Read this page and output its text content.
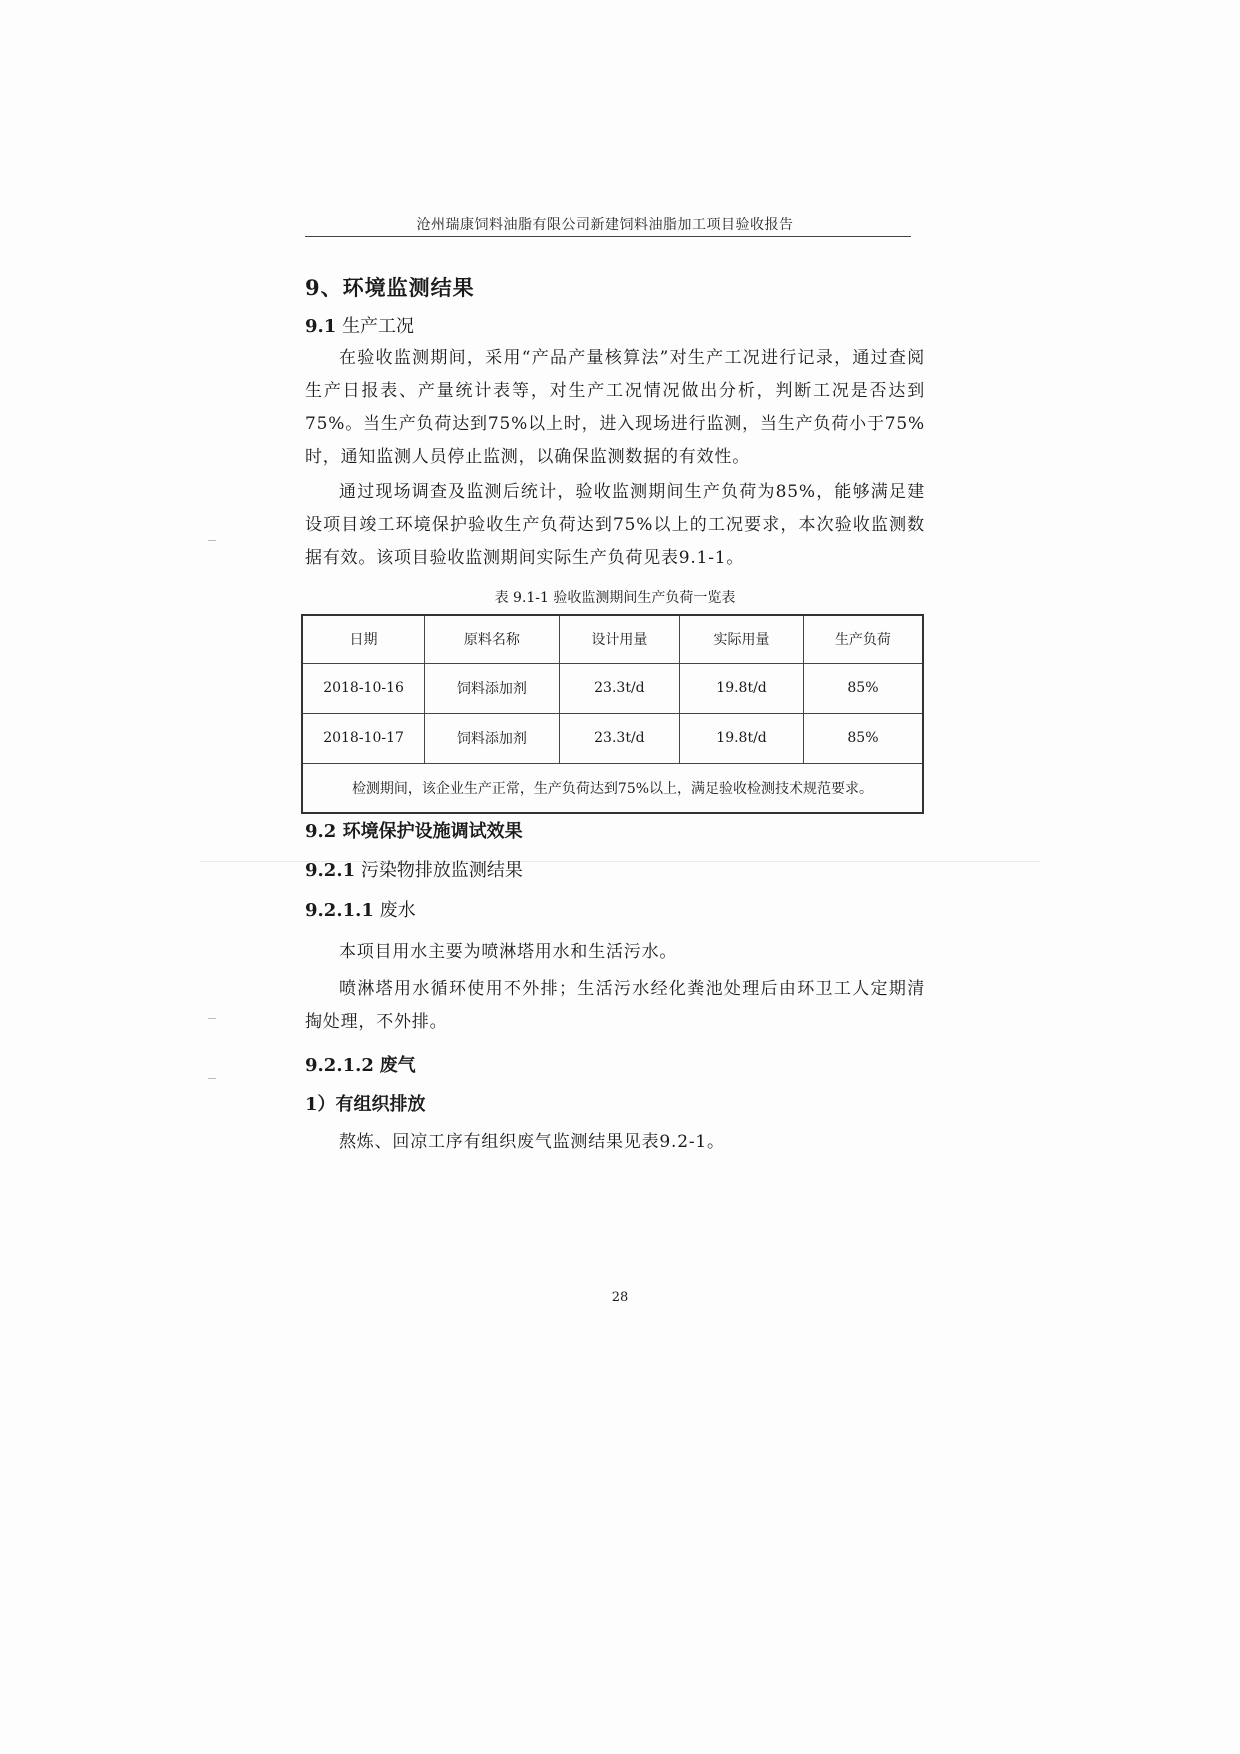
沧州瑞康饲料油脂有限公司新建饲料油脂加工项目验收报告
9、环境监测结果
9.1 生产工况
在验收监测期间，采用“产品产量核算法”对生产工况进行记录，通过查阅生产日报表、产量统计表等，对生产工况情况做出分析，判断工况是否达到75%。当生产负荷达到75%以上时，进入现场进行监测，当生产负荷小于75%时，通知监测人员停止监测，以确保监测数据的有效性。
通过现场调查及监测后统计，验收监测期间生产负荷为85%，能够满足建设项目竣工环境保护验收生产负荷达到75%以上的工况要求，本次验收监测数据有效。该项目验收监测期间实际生产负荷见表9.1-1。
表 9.1-1 验收监测期间生产负荷一览表
日期	原料名称	设计用量	实际用量	生产负荷
2018-10-16	饲料添加剂	23.3t/d	19.8t/d	85%
2018-10-17	饲料添加剂	23.3t/d	19.8t/d	85%
检测期间，该企业生产正常，生产负荷达到75%以上，满足验收检测技术规范要求。				
9.2 环境保护设施调试效果
9.2.1 污染物排放监测结果
9.2.1.1 废水
本项目用水主要为喷淋塔用水和生活污水。
喷淋塔用水循环使用不外排；生活污水经化粪池处理后由环卫工人定期清掏处理，不外排。
9.2.1.2 废气
1）有组织排放
熬炼、回凉工序有组织废气监测结果见表9.2-1。
28
